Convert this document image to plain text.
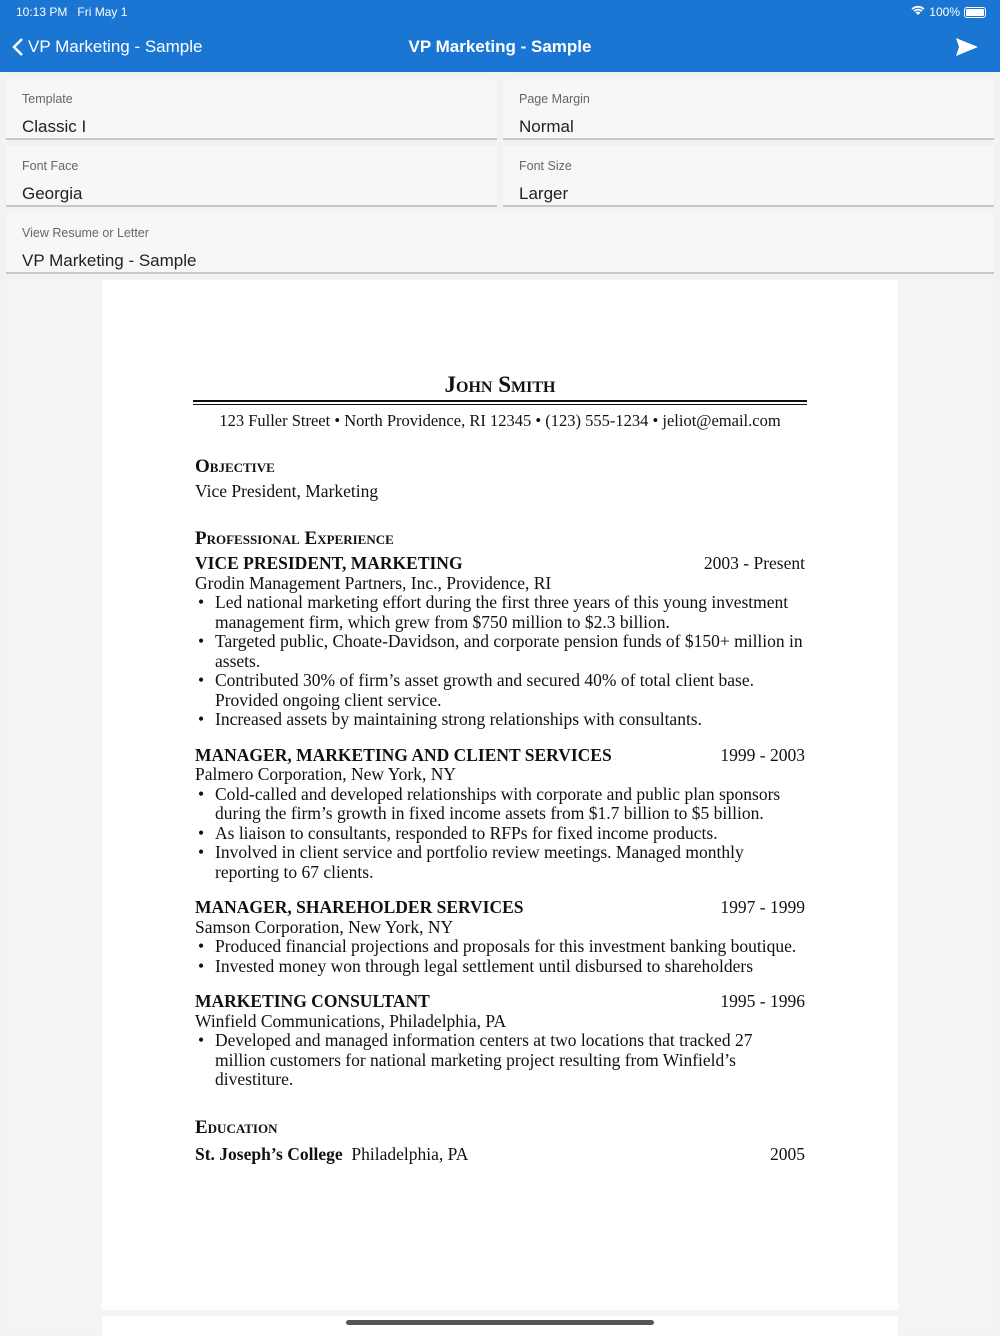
10:13 PM Fri May 1	100%
VP Marketing - Sample	VP Marketing - Sample
Template
Classic I
Page Margin
Normal
Font Face
Georgia
Font Size
Larger
View Resume or Letter
VP Marketing - Sample
John Smith
123 Fuller Street • North Providence, RI 12345 • (123) 555-1234 • jeliot@email.com
Objective
Vice President, Marketing
Professional Experience
VICE PRESIDENT, MARKETING	2003 - Present
Grodin Management Partners, Inc., Providence, RI
• Led national marketing effort during the first three years of this young investment management firm, which grew from $750 million to $2.3 billion.
• Targeted public, Choate-Davidson, and corporate pension funds of $150+ million in assets.
• Contributed 30% of firm’s asset growth and secured 40% of total client base. Provided ongoing client service.
• Increased assets by maintaining strong relationships with consultants.
MANAGER, MARKETING AND CLIENT SERVICES	1999 - 2003
Palmero Corporation, New York, NY
• Cold-called and developed relationships with corporate and public plan sponsors during the firm’s growth in fixed income assets from $1.7 billion to $5 billion.
• As liaison to consultants, responded to RFPs for fixed income products.
• Involved in client service and portfolio review meetings. Managed monthly reporting to 67 clients.
MANAGER, SHAREHOLDER SERVICES	1997 - 1999
Samson Corporation, New York, NY
• Produced financial projections and proposals for this investment banking boutique.
• Invested money won through legal settlement until disbursed to shareholders
MARKETING CONSULTANT	1995 - 1996
Winfield Communications, Philadelphia, PA
• Developed and managed information centers at two locations that tracked 27 million customers for national marketing project resulting from Winfield’s divestiture.
Education
St. Joseph’s College Philadelphia, PA	2005
